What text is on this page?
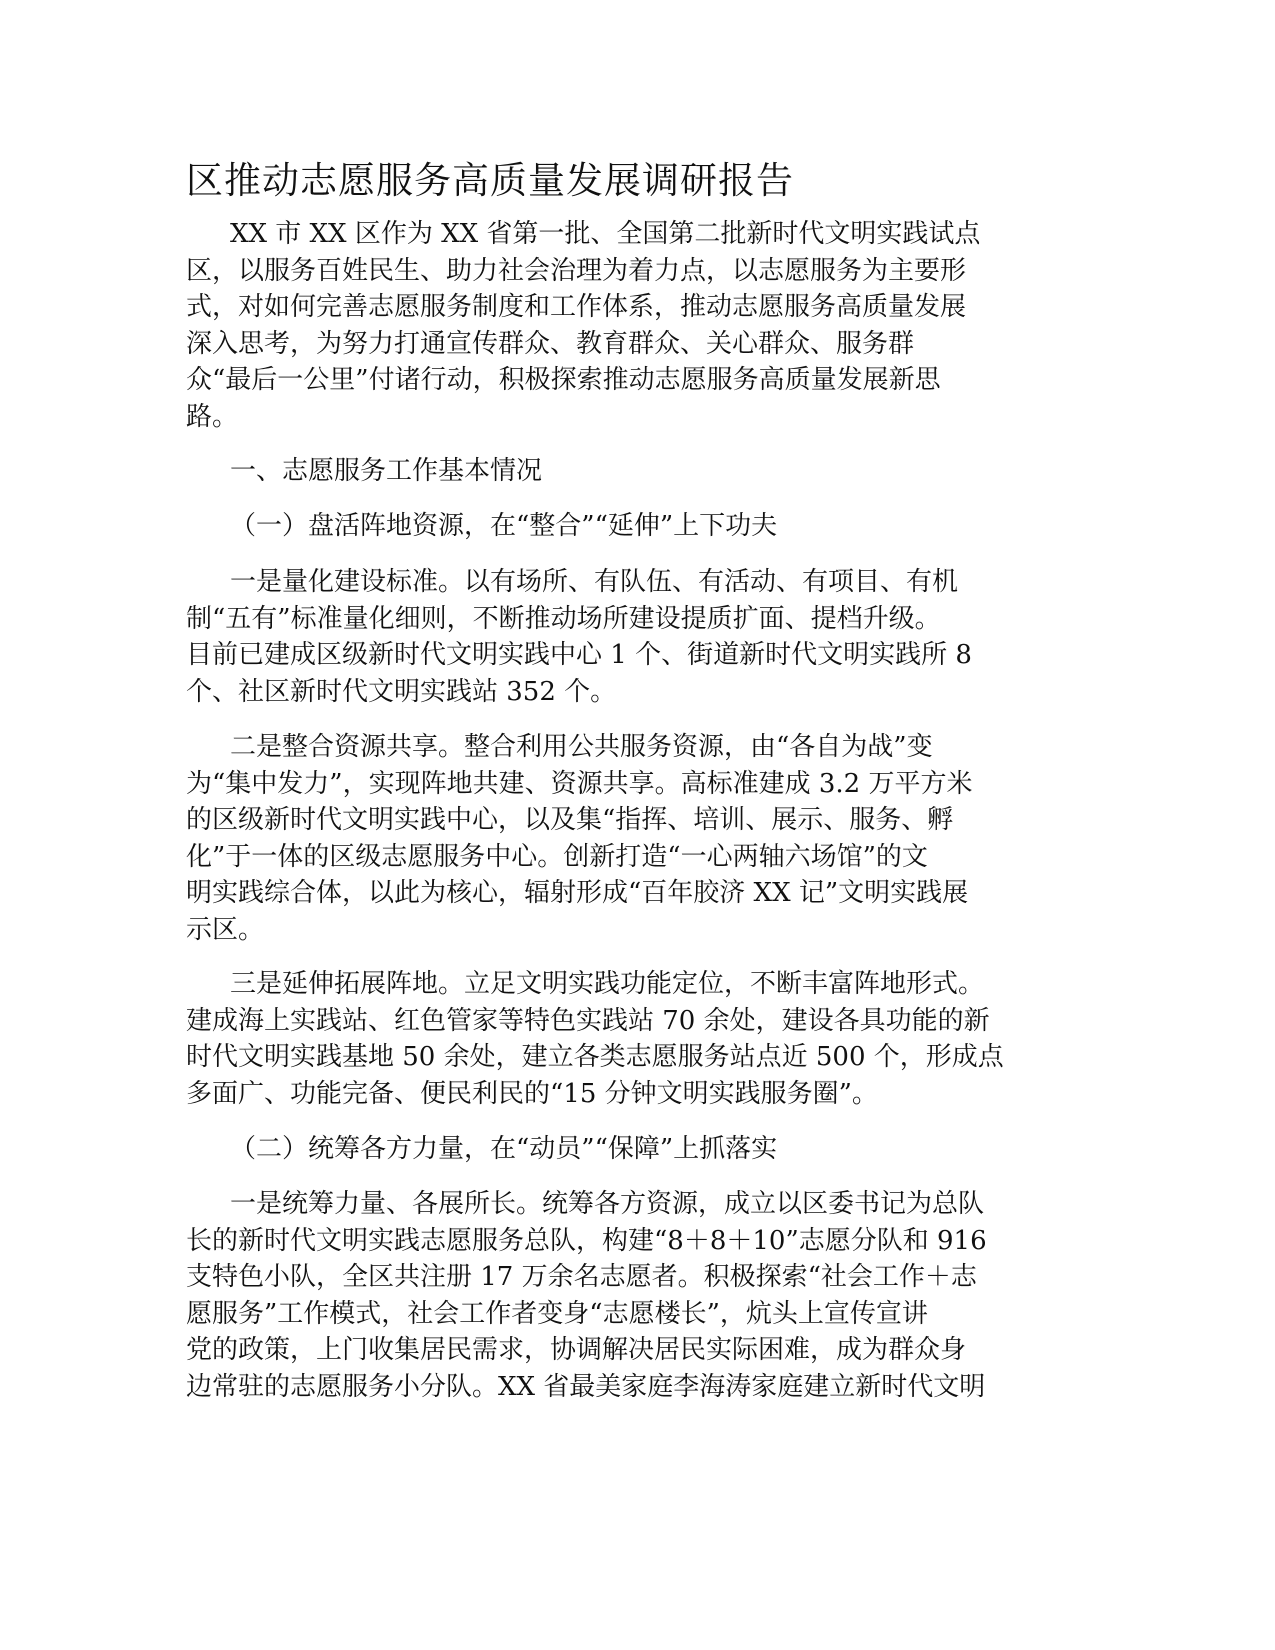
区推动志愿服务高质量发展调研报告
XX 市 XX 区作为 XX 省第一批、全国第二批新时代文明实践试点
区，以服务百姓民生、助力社会治理为着力点，以志愿服务为主要形
式，对如何完善志愿服务制度和工作体系，推动志愿服务高质量发展
深入思考，为努力打通宣传群众、教育群众、关心群众、服务群
众“最后一公里”付诸行动，积极探索推动志愿服务高质量发展新思
路。
一、志愿服务工作基本情况
（一）盘活阵地资源，在“整合”“延伸”上下功夫
一是量化建设标准。以有场所、有队伍、有活动、有项目、有机
制“五有”标准量化细则，不断推动场所建设提质扩面、提档升级。
目前已建成区级新时代文明实践中心 1 个、街道新时代文明实践所 8
个、社区新时代文明实践站 352 个。
二是整合资源共享。整合利用公共服务资源，由“各自为战”变
为“集中发力”，实现阵地共建、资源共享。高标准建成 3.2 万平方米
的区级新时代文明实践中心，以及集“指挥、培训、展示、服务、孵
化”于一体的区级志愿服务中心。创新打造“一心两轴六场馆”的文
明实践综合体，以此为核心，辐射形成“百年胶济 XX 记”文明实践展
示区。
三是延伸拓展阵地。立足文明实践功能定位，不断丰富阵地形式。
建成海上实践站、红色管家等特色实践站 70 余处，建设各具功能的新
时代文明实践基地 50 余处，建立各类志愿服务站点近 500 个，形成点
多面广、功能完备、便民利民的“15 分钟文明实践服务圈”。
（二）统筹各方力量，在“动员”“保障”上抓落实
一是统筹力量、各展所长。统筹各方资源，成立以区委书记为总队
长的新时代文明实践志愿服务总队，构建“8＋8＋10”志愿分队和 916
支特色小队，全区共注册 17 万余名志愿者。积极探索“社会工作＋志
愿服务”工作模式，社会工作者变身“志愿楼长”，炕头上宣传宣讲
党的政策，上门收集居民需求，协调解决居民实际困难，成为群众身
边常驻的志愿服务小分队。XX 省最美家庭李海涛家庭建立新时代文明
